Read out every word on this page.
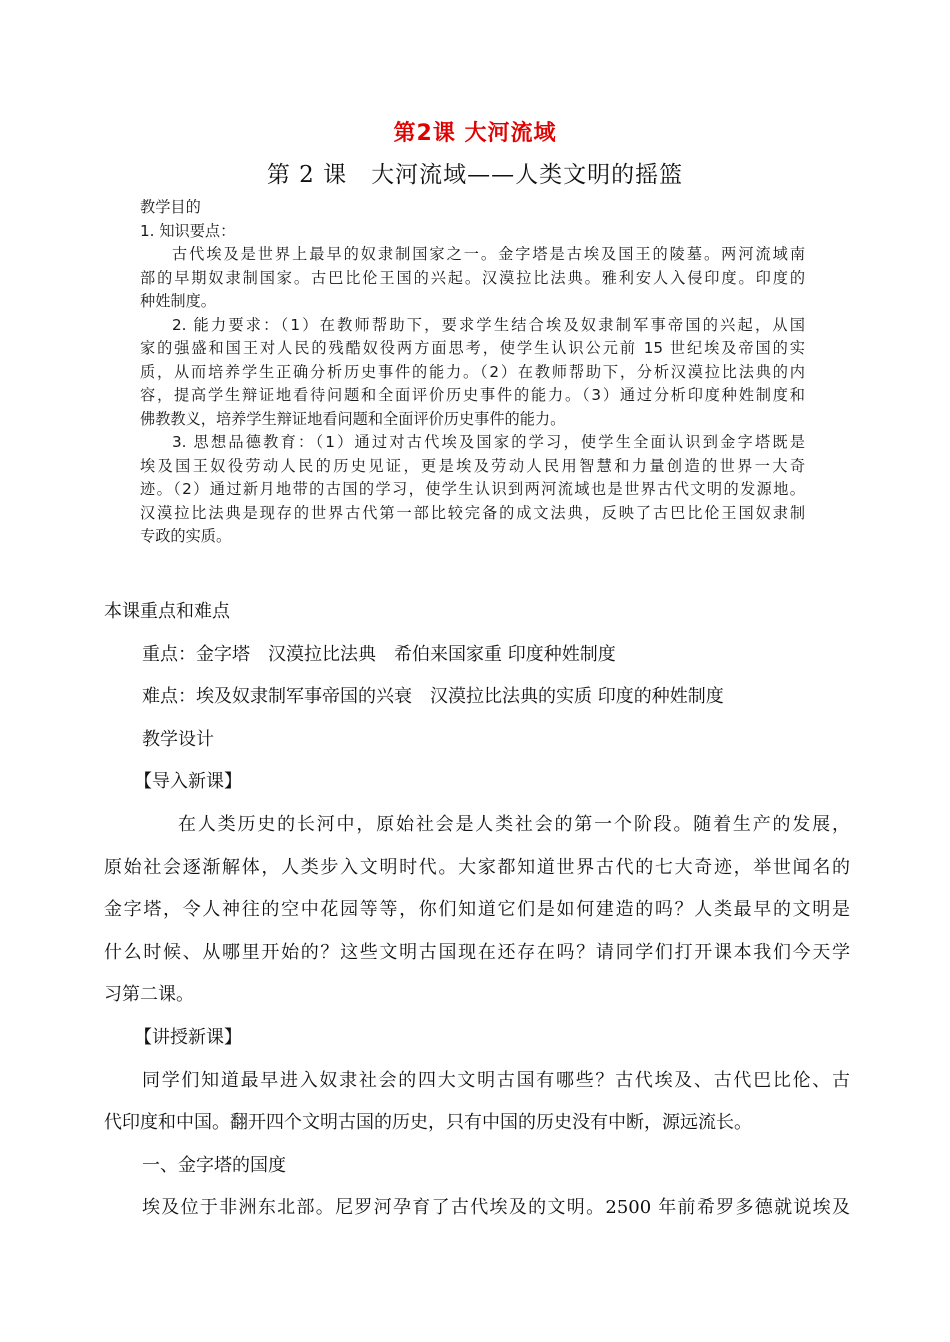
第2课 大河流域
第 2 课　大河流域——人类文明的摇篮
教学目的
1. 知识要点：
古代埃及是世界上最早的奴隶制国家之一。金字塔是古埃及国王的陵墓。两河流域南
部的早期奴隶制国家。古巴比伦王国的兴起。汉漠拉比法典。雅利安人入侵印度。印度的
种姓制度。
2. 能力要求：（1）在教师帮助下，要求学生结合埃及奴隶制军事帝国的兴起，从国
家的强盛和国王对人民的残酷奴役两方面思考，使学生认识公元前 15 世纪埃及帝国的实
质，从而培养学生正确分析历史事件的能力。（2）在教师帮助下，分析汉漠拉比法典的内
容，提高学生辩证地看待问题和全面评价历史事件的能力。（3）通过分析印度种姓制度和
佛教教义，培养学生辩证地看问题和全面评价历史事件的能力。
3. 思想品德教育：（1）通过对古代埃及国家的学习，使学生全面认识到金字塔既是
埃及国王奴役劳动人民的历史见证，更是埃及劳动人民用智慧和力量创造的世界一大奇
迹。（2）通过新月地带的古国的学习，使学生认识到两河流域也是世界古代文明的发源地。
汉漠拉比法典是现存的世界古代第一部比较完备的成文法典，反映了古巴比伦王国奴隶制
专政的实质。
本课重点和难点
重点：金字塔　汉漠拉比法典　希伯来国家重 印度种姓制度
难点：埃及奴隶制军事帝国的兴衰　汉漠拉比法典的实质 印度的种姓制度
教学设计
【导入新课】
在人类历史的长河中，原始社会是人类社会的第一个阶段。随着生产的发展，
原始社会逐渐解体，人类步入文明时代。大家都知道世界古代的七大奇迹，举世闻名的
金字塔，令人神往的空中花园等等，你们知道它们是如何建造的吗？人类最早的文明是
什么时候、从哪里开始的？这些文明古国现在还存在吗？请同学们打开课本我们今天学
习第二课。
【讲授新课】
同学们知道最早进入奴隶社会的四大文明古国有哪些？古代埃及、古代巴比伦、古
代印度和中国。翻开四个文明古国的历史，只有中国的历史没有中断，源远流长。
一、金字塔的国度
埃及位于非洲东北部。尼罗河孕育了古代埃及的文明。2500 年前希罗多德就说埃及
